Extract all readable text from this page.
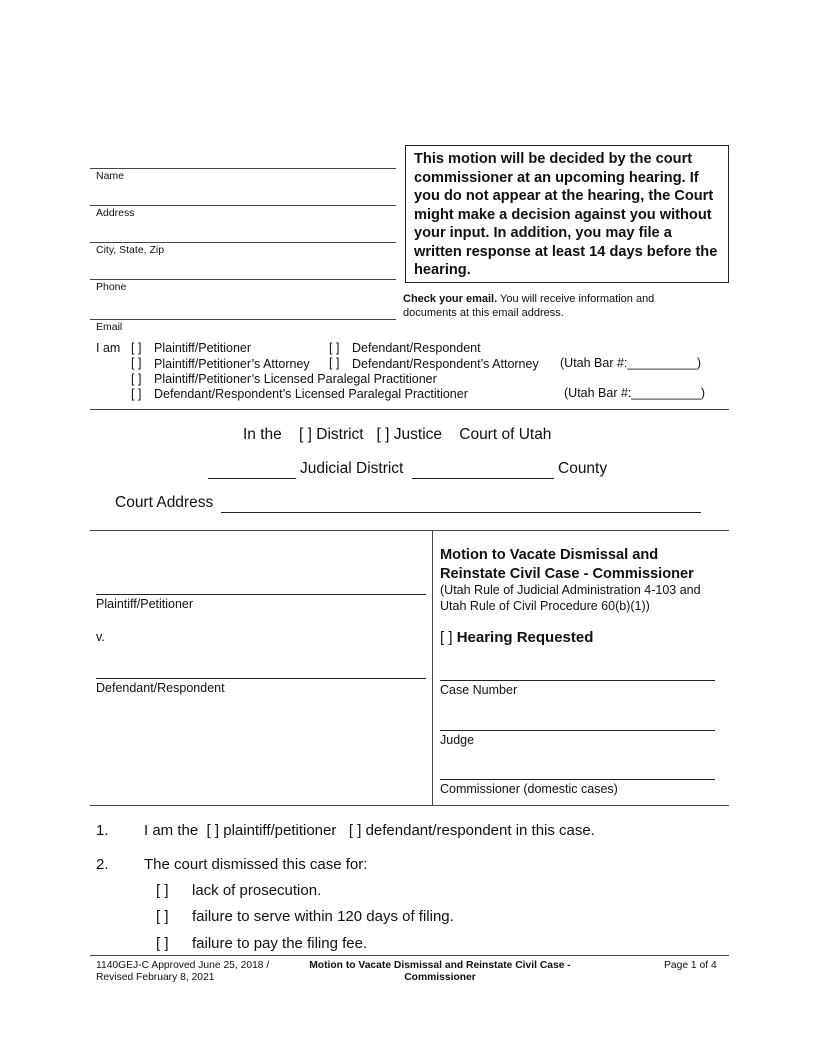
This motion will be decided by the court commissioner at an upcoming hearing. If you do not appear at the hearing, the Court might make a decision against you without your input. In addition, you may file a written response at least 14 days before the hearing.
Name
Address
City, State, Zip
Phone
Email
Check your email. You will receive information and
documents at this email address.
I am [ ] Plaintiff/Petitioner	[ ] Defendant/Respondent
[ ] Plaintiff/Petitioner’s Attorney [ ] Defendant/Respondent’s Attorney (Utah Bar #:__________)
[ ] Plaintiff/Petitioner’s Licensed Paralegal Practitioner
[ ] Defendant/Respondent’s Licensed Paralegal Practitioner	(Utah Bar #:__________)
In the [ ] District [ ] Justice Court of Utah
Judicial District	County
Court Address
Plaintiff/Petitioner
v.
Defendant/Respondent
Motion to Vacate Dismissal and
Reinstate Civil Case - Commissioner
(Utah Rule of Judicial Administration 4-103 and
Utah Rule of Civil Procedure 60(b)(1))
[ ] Hearing Requested
Case Number
Judge
Commissioner (domestic cases)
1. I am the [ ] plaintiff/petitioner [ ] defendant/respondent in this case.
2. The court dismissed this case for:
[ ] lack of prosecution.
[ ] failure to serve within 120 days of filing.
[ ] failure to pay the filing fee.
1140GEJ-C Approved June 25, 2018 /
Revised February 8, 2021
Motion to Vacate Dismissal and Reinstate Civil Case -
Commissioner
Page 1 of 4
